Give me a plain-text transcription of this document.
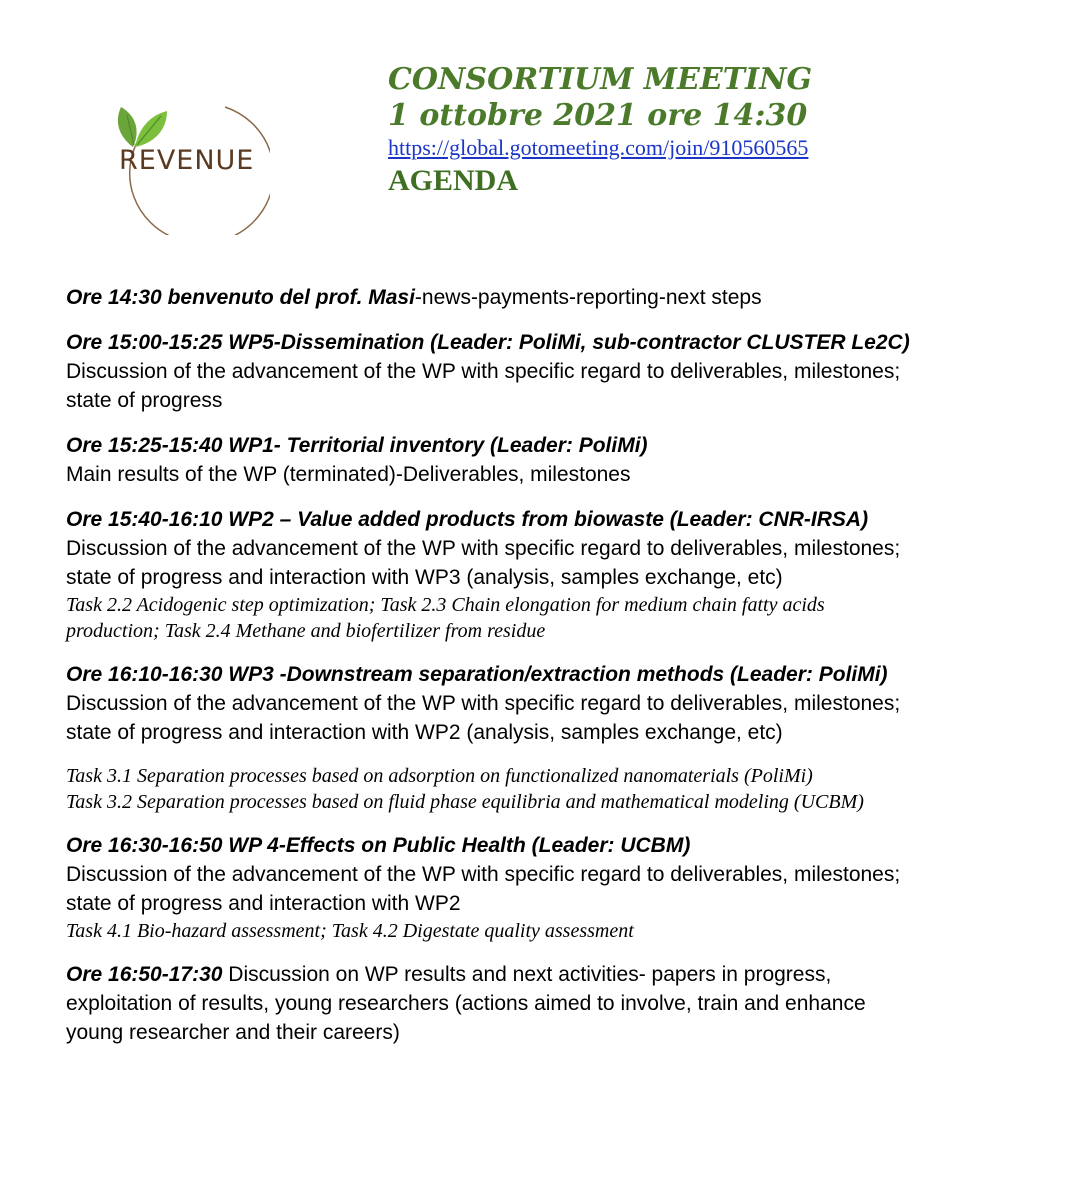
REVENUE
CONSORTIUM MEETING
1 ottobre 2021 ore 14:30
https://global.gotomeeting.com/join/910560565
AGENDA
Ore 14:30 benvenuto del prof. Masi-news-payments-reporting-next steps
Ore 15:00-15:25 WP5-Dissemination (Leader: PoliMi, sub-contractor CLUSTER Le2C)
Discussion of the advancement of the WP with specific regard to deliverables, milestones;
state of progress
Ore 15:25-15:40 WP1- Territorial inventory (Leader: PoliMi)
Main results of the WP (terminated)-Deliverables, milestones
Ore 15:40-16:10 WP2 – Value added products from biowaste (Leader: CNR-IRSA)
Discussion of the advancement of the WP with specific regard to deliverables, milestones;
state of progress and interaction with WP3 (analysis, samples exchange, etc)
Task 2.2 Acidogenic step optimization; Task 2.3 Chain elongation for medium chain fatty acids
production; Task 2.4 Methane and biofertilizer from residue
Ore 16:10-16:30 WP3 -Downstream separation/extraction methods (Leader: PoliMi)
Discussion of the advancement of the WP with specific regard to deliverables, milestones;
state of progress and interaction with WP2 (analysis, samples exchange, etc)
Task 3.1 Separation processes based on adsorption on functionalized nanomaterials (PoliMi)
Task 3.2 Separation processes based on fluid phase equilibria and mathematical modeling (UCBM)
Ore 16:30-16:50 WP 4-Effects on Public Health (Leader: UCBM)
Discussion of the advancement of the WP with specific regard to deliverables, milestones;
state of progress and interaction with WP2
Task 4.1 Bio-hazard assessment; Task 4.2 Digestate quality assessment
Ore 16:50-17:30 Discussion on WP results and next activities- papers in progress,
exploitation of results, young researchers (actions aimed to involve, train and enhance
young researcher and their careers)
